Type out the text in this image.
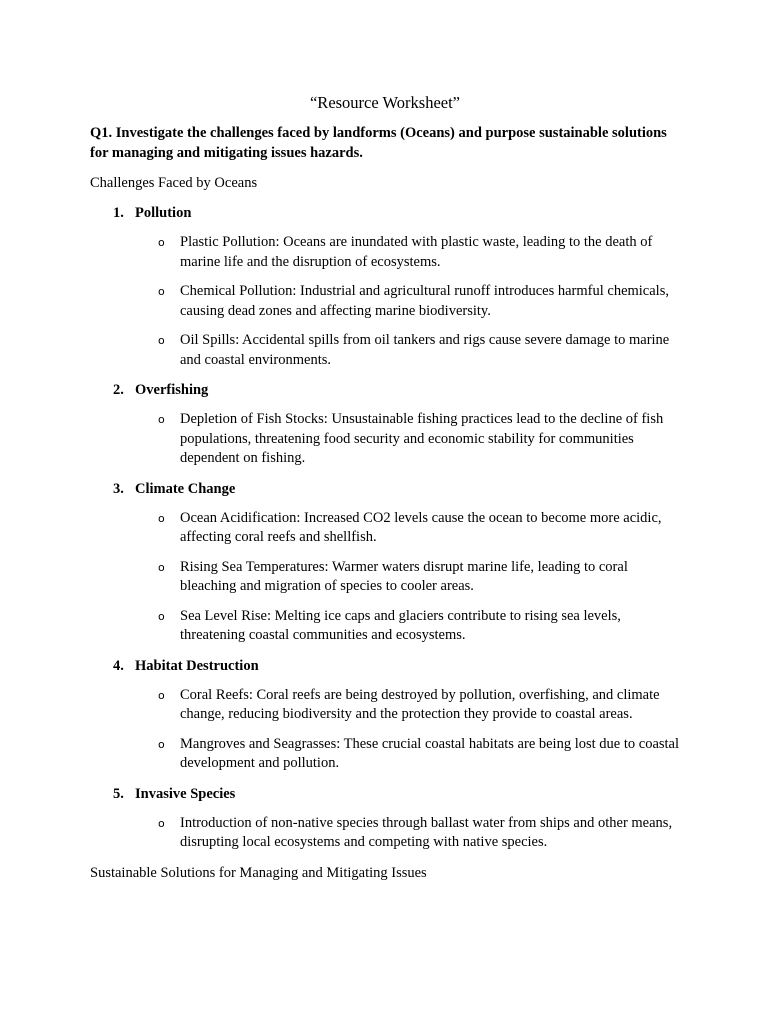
“Resource Worksheet”

Q1. Investigate the challenges faced by landforms (Oceans) and purpose sustainable solutions for managing and mitigating issues hazards.

Challenges Faced by Oceans

1. Pollution
o Plastic Pollution: Oceans are inundated with plastic waste, leading to the death of marine life and the disruption of ecosystems.
o Chemical Pollution: Industrial and agricultural runoff introduces harmful chemicals, causing dead zones and affecting marine biodiversity.
o Oil Spills: Accidental spills from oil tankers and rigs cause severe damage to marine and coastal environments.
2. Overfishing
o Depletion of Fish Stocks: Unsustainable fishing practices lead to the decline of fish populations, threatening food security and economic stability for communities dependent on fishing.
3. Climate Change
o Ocean Acidification: Increased CO2 levels cause the ocean to become more acidic, affecting coral reefs and shellfish.
o Rising Sea Temperatures: Warmer waters disrupt marine life, leading to coral bleaching and migration of species to cooler areas.
o Sea Level Rise: Melting ice caps and glaciers contribute to rising sea levels, threatening coastal communities and ecosystems.
4. Habitat Destruction
o Coral Reefs: Coral reefs are being destroyed by pollution, overfishing, and climate change, reducing biodiversity and the protection they provide to coastal areas.
o Mangroves and Seagrasses: These crucial coastal habitats are being lost due to coastal development and pollution.
5. Invasive Species
o Introduction of non-native species through ballast water from ships and other means, disrupting local ecosystems and competing with native species.

Sustainable Solutions for Managing and Mitigating Issues
